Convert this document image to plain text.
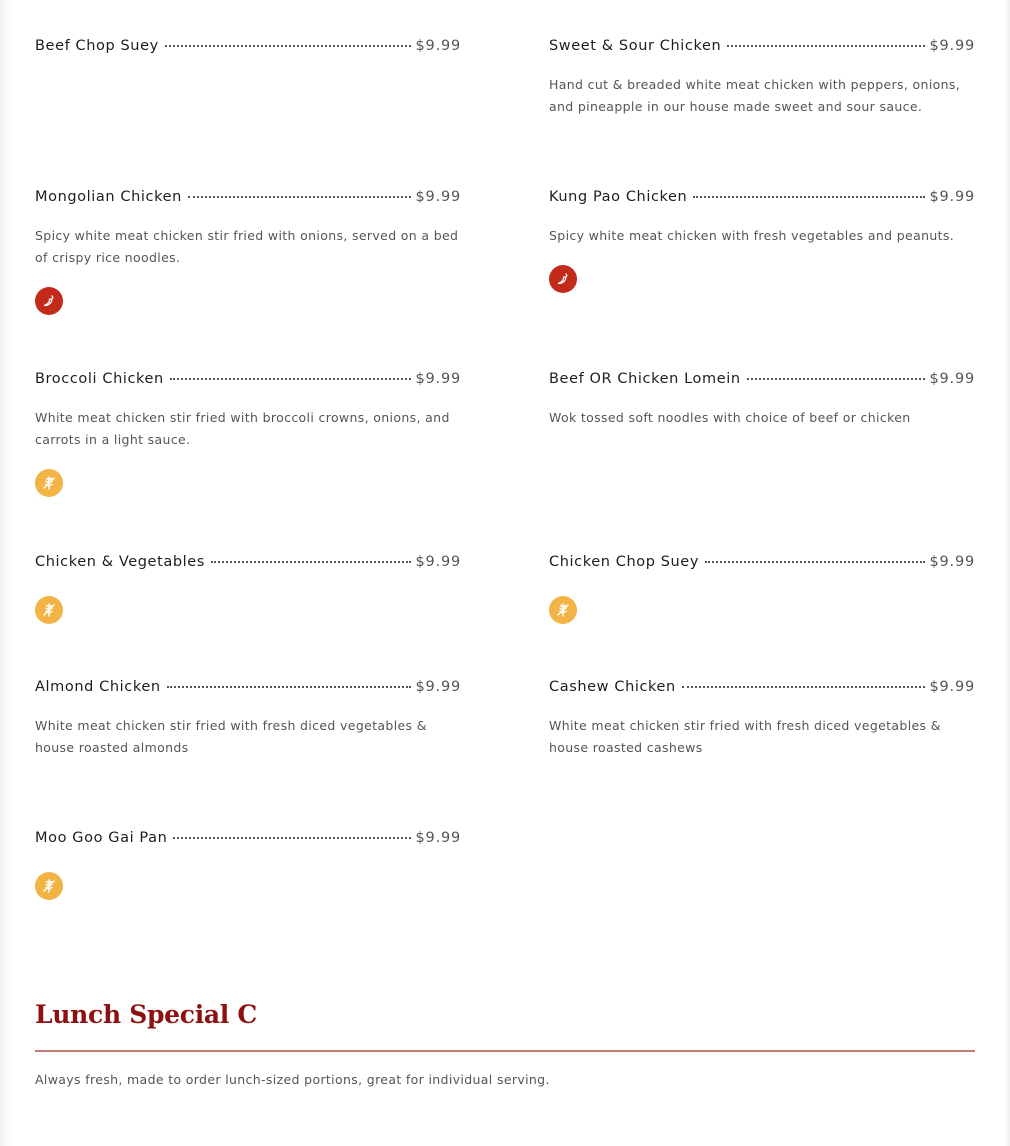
Beef Chop Suey	$9.99	Sweet & Sour Chicken	$9.99
Hand cut & breaded white meat chicken with peppers, onions, and pineapple in our house made sweet and sour sauce.
Mongolian Chicken	$9.99
Spicy white meat chicken stir fried with onions, served on a bed of crispy rice noodles.
Kung Pao Chicken	$9.99
Spicy white meat chicken with fresh vegetables and peanuts.
Broccoli Chicken	$9.99
White meat chicken stir fried with broccoli crowns, onions, and carrots in a light sauce.
Beef OR Chicken Lomein	$9.99
Wok tossed soft noodles with choice of beef or chicken
Chicken & Vegetables	$9.99	Chicken Chop Suey	$9.99
Almond Chicken	$9.99
White meat chicken stir fried with fresh diced vegetables & house roasted almonds
Cashew Chicken	$9.99
White meat chicken stir fried with fresh diced vegetables & house roasted cashews
Moo Goo Gai Pan	$9.99
Lunch Special C

Always fresh, made to order lunch-sized portions, great for individual serving.
